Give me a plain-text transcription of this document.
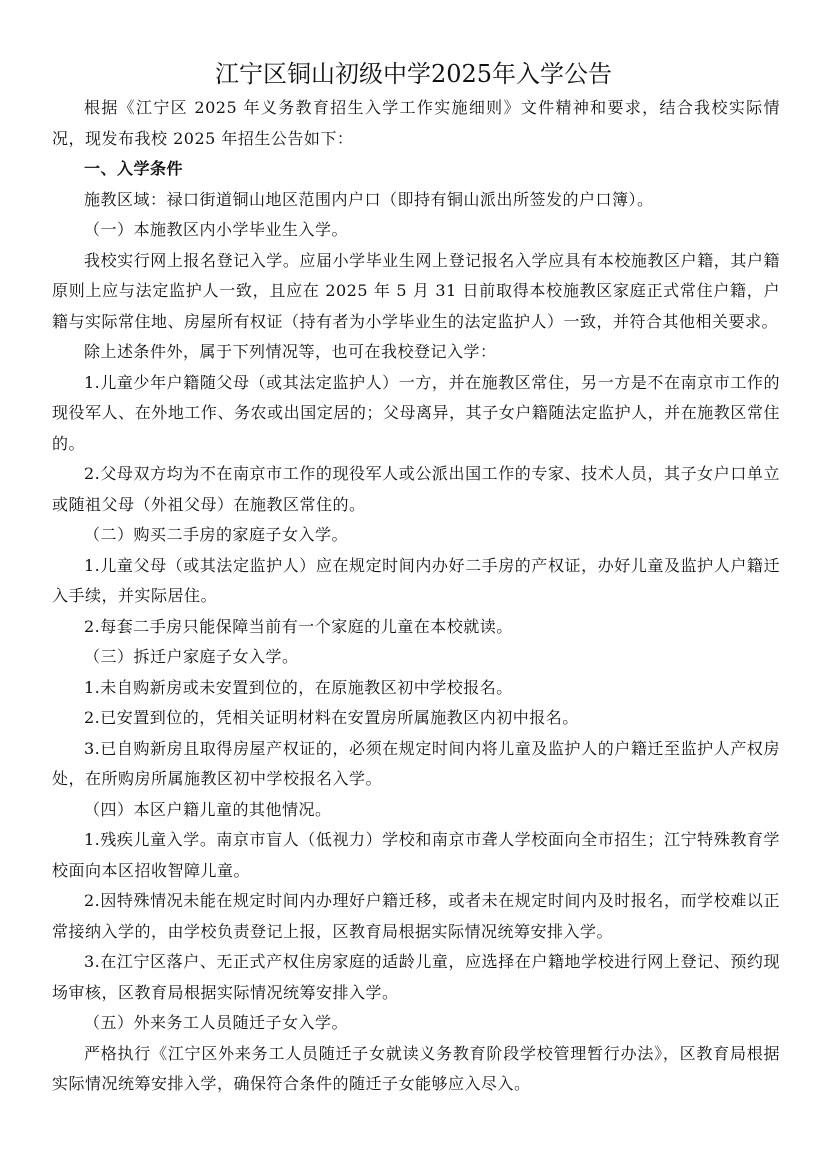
江宁区铜山初级中学2025年入学公告

根据《江宁区 2025 年义务教育招生入学工作实施细则》文件精神和要求，结合我校实际情况，现发布我校 2025 年招生公告如下：

一、入学条件

施教区域：禄口街道铜山地区范围内户口（即持有铜山派出所签发的户口簿）。

（一）本施教区内小学毕业生入学。

我校实行网上报名登记入学。应届小学毕业生网上登记报名入学应具有本校施教区户籍，其户籍原则上应与法定监护人一致，且应在 2025 年 5 月 31 日前取得本校施教区家庭正式常住户籍，户籍与实际常住地、房屋所有权证（持有者为小学毕业生的法定监护人）一致，并符合其他相关要求。

除上述条件外，属于下列情况等，也可在我校登记入学：

1.儿童少年户籍随父母（或其法定监护人）一方，并在施教区常住，另一方是不在南京市工作的现役军人、在外地工作、务农或出国定居的；父母离异，其子女户籍随法定监护人，并在施教区常住的。

2.父母双方均为不在南京市工作的现役军人或公派出国工作的专家、技术人员，其子女户口单立或随祖父母（外祖父母）在施教区常住的。

（二）购买二手房的家庭子女入学。

1.儿童父母（或其法定监护人）应在规定时间内办好二手房的产权证，办好儿童及监护人户籍迁入手续，并实际居住。

2.每套二手房只能保障当前有一个家庭的儿童在本校就读。

（三）拆迁户家庭子女入学。

1.未自购新房或未安置到位的，在原施教区初中学校报名。

2.已安置到位的，凭相关证明材料在安置房所属施教区内初中报名。

3.已自购新房且取得房屋产权证的，必须在规定时间内将儿童及监护人的户籍迁至监护人产权房处，在所购房所属施教区初中学校报名入学。

（四）本区户籍儿童的其他情况。

1.残疾儿童入学。南京市盲人（低视力）学校和南京市聋人学校面向全市招生；江宁特殊教育学校面向本区招收智障儿童。

2.因特殊情况未能在规定时间内办理好户籍迁移，或者未在规定时间内及时报名，而学校难以正常接纳入学的，由学校负责登记上报，区教育局根据实际情况统筹安排入学。

3.在江宁区落户、无正式产权住房家庭的适龄儿童，应选择在户籍地学校进行网上登记、预约现场审核，区教育局根据实际情况统筹安排入学。

（五）外来务工人员随迁子女入学。

严格执行《江宁区外来务工人员随迁子女就读义务教育阶段学校管理暂行办法》，区教育局根据实际情况统筹安排入学，确保符合条件的随迁子女能够应入尽入。
